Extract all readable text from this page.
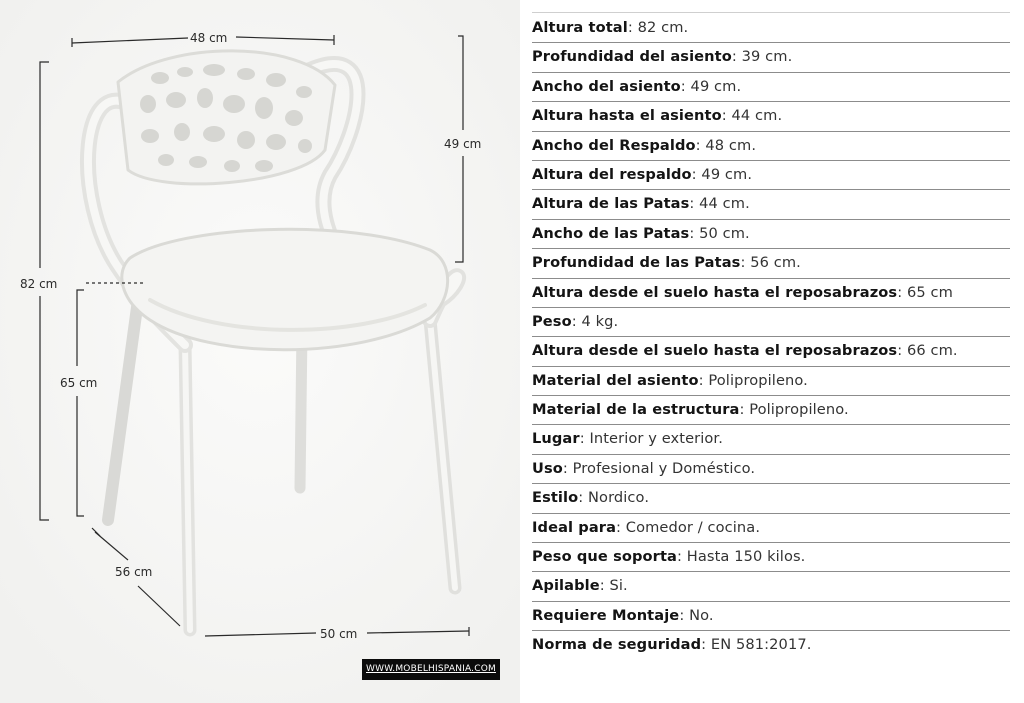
48 cm
49 cm
82 cm
65 cm
56 cm
50 cm
WWW.MOBELHISPANIA.COM
Altura total: 82 cm.
Profundidad del asiento: 39 cm.
Ancho del asiento: 49 cm.
Altura hasta el asiento: 44 cm.
Ancho del Respaldo: 48 cm.
Altura del respaldo: 49 cm.
Altura de las Patas: 44 cm.
Ancho de las Patas: 50 cm.
Profundidad de las Patas: 56 cm.
Altura desde el suelo hasta el reposabrazos: 65 cm
Peso: 4 kg.
Altura desde el suelo hasta el reposabrazos: 66 cm.
Material del asiento: Polipropileno.
Material de la estructura: Polipropileno.
Lugar: Interior y exterior.
Uso: Profesional y Doméstico.
Estilo: Nordico.
Ideal para: Comedor / cocina.
Peso que soporta: Hasta 150 kilos.
Apilable: Si.
Requiere Montaje: No.
Norma de seguridad: EN 581:2017.
